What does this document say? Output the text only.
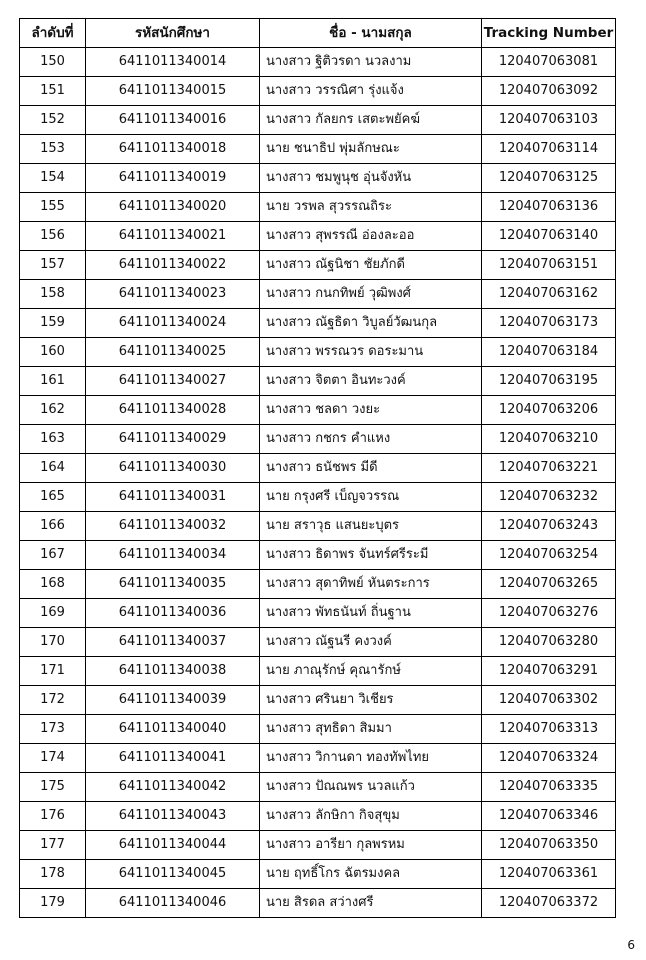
ลำดับที่	รหัสนักศึกษา	ชื่อ - นามสกุล	Tracking Number
150	6411011340014	นางสาว ฐิติวรดา นวลงาม	120407063081
151	6411011340015	นางสาว วรรณิศา รุ่งแจ้ง	120407063092
152	6411011340016	นางสาว กัลยกร เสตะพยัคฆ์	120407063103
153	6411011340018	นาย ชนาธิป พุ่มลักษณะ	120407063114
154	6411011340019	นางสาว ชมพูนุช อุ่นจังหัน	120407063125
155	6411011340020	นาย วรพล สุวรรณถิระ	120407063136
156	6411011340021	นางสาว สุพรรณี อ่องละออ	120407063140
157	6411011340022	นางสาว ณัฐนิชา ชัยภักดี	120407063151
158	6411011340023	นางสาว กนกทิพย์ วุฒิพงศ์	120407063162
159	6411011340024	นางสาว ณัฐธิดา วิบูลย์วัฒนกุล	120407063173
160	6411011340025	นางสาว พรรณวร ดอระมาน	120407063184
161	6411011340027	นางสาว จิตตา อินทะวงค์	120407063195
162	6411011340028	นางสาว ชลดา วงยะ	120407063206
163	6411011340029	นางสาว กชกร คำแหง	120407063210
164	6411011340030	นางสาว ธนัชพร มีดี	120407063221
165	6411011340031	นาย กรุงศรี เบ็ญจวรรณ	120407063232
166	6411011340032	นาย สราวุธ แสนยะบุตร	120407063243
167	6411011340034	นางสาว ธิดาพร จันทร์ศรีระมี	120407063254
168	6411011340035	นางสาว สุดาทิพย์ หันตระการ	120407063265
169	6411011340036	นางสาว พัทธนันท์ ถิ่นฐาน	120407063276
170	6411011340037	นางสาว ณัฐนรี คงวงค์	120407063280
171	6411011340038	นาย ภาณุรักษ์ คุณารักษ์	120407063291
172	6411011340039	นางสาว ศรินยา วิเชียร	120407063302
173	6411011340040	นางสาว สุทธิดา สิมมา	120407063313
174	6411011340041	นางสาว วิกานดา ทองทัพไทย	120407063324
175	6411011340042	นางสาว ปัณณพร นวลแก้ว	120407063335
176	6411011340043	นางสาว ลักษิกา กิจสุขุม	120407063346
177	6411011340044	นางสาว อารียา กุลพรหม	120407063350
178	6411011340045	นาย ฤทธิ์โกร ฉัตรมงคล	120407063361
179	6411011340046	นาย สิรดล สว่างศรี	120407063372
6
